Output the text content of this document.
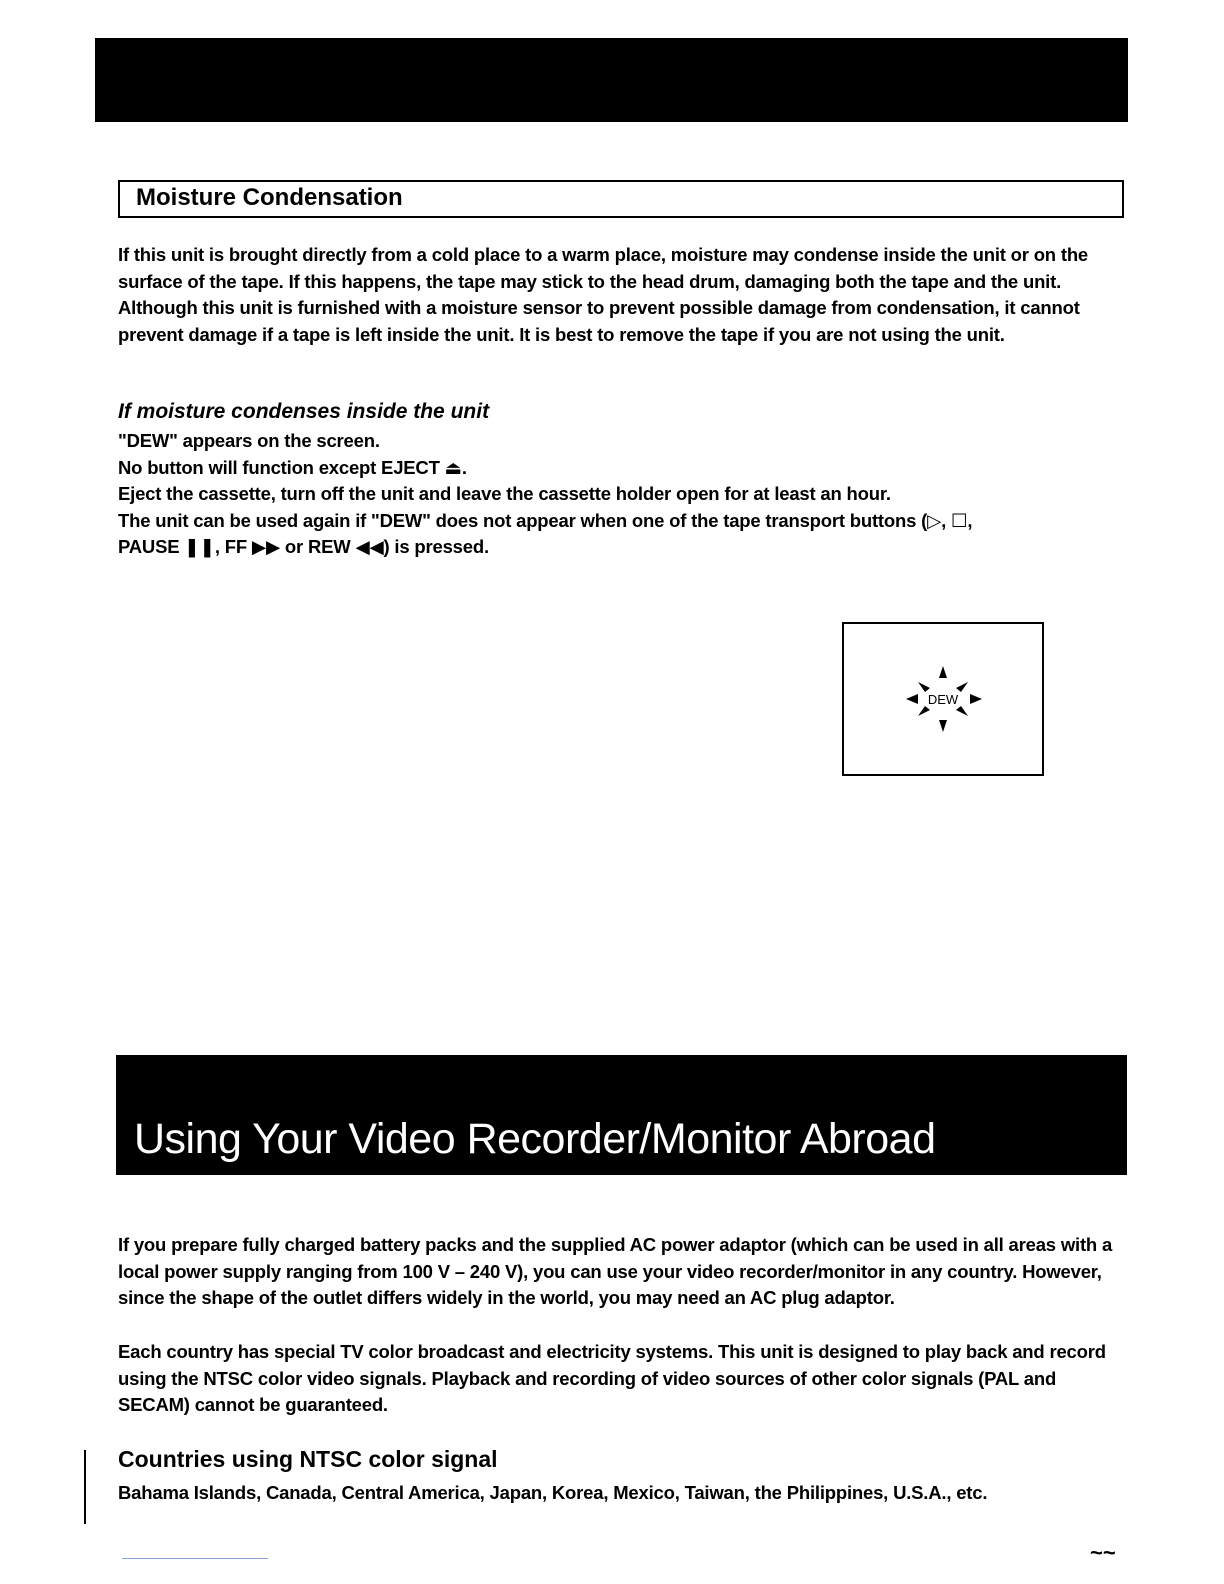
Moisture Condensation

If this unit is brought directly from a cold place to a warm place, moisture may condense inside the unit or on the surface of the tape. If this happens, the tape may stick to the head drum, damaging both the tape and the unit. Although this unit is furnished with a moisture sensor to prevent possible damage from condensation, it cannot prevent damage if a tape is left inside the unit. It is best to remove the tape if you are not using the unit.

If moisture condenses inside the unit
"DEW" appears on the screen.
No button will function except EJECT ⏏.
Eject the cassette, turn off the unit and leave the cassette holder open for at least an hour.
The unit can be used again if "DEW" does not appear when one of the tape transport buttons (▷, ☐,
PAUSE ❚❚, FF ▶▶ or REW ◀◀) is pressed.
DEW
Using Your Video Recorder/Monitor Abroad

If you prepare fully charged battery packs and the supplied AC power adaptor (which can be used in all areas with a local power supply ranging from 100 V – 240 V), you can use your video recorder/monitor in any country. However, since the shape of the outlet differs widely in the world, you may need an AC plug adaptor.

Each country has special TV color broadcast and electricity systems. This unit is designed to play back and record using the NTSC color video signals. Playback and recording of video sources of other color signals (PAL and SECAM) cannot be guaranteed.

Countries using NTSC color signal

Bahama Islands, Canada, Central America, Japan, Korea, Mexico, Taiwan, the Philippines, U.S.A., etc.

~~
